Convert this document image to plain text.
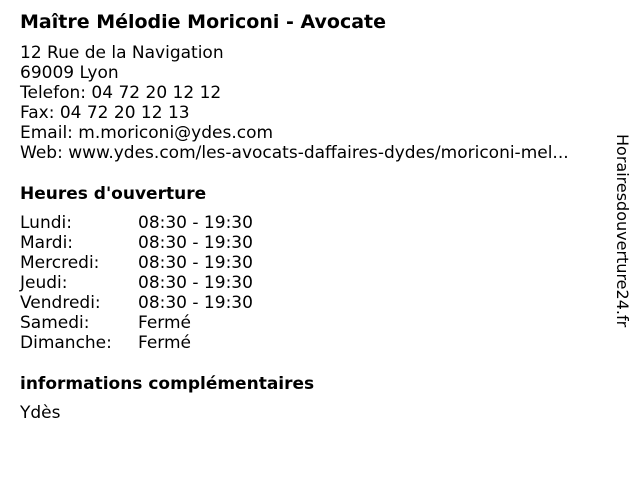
Maître Mélodie Moriconi - Avocate
12 Rue de la Navigation
69009 Lyon
Telefon: 04 72 20 12 12
Fax: 04 72 20 12 13
Email: m.moriconi@ydes.com
Web: www.ydes.com/les-avocats-daffaires-dydes/moriconi-mel...
Heures d'ouverture
Lundi:	08:30 - 19:30
Mardi:	08:30 - 19:30
Mercredi: 08:30 - 19:30
Jeudi:	08:30 - 19:30
Vendredi: 08:30 - 19:30
Samedi:	Fermé
Dimanche: Fermé
informations complémentaires
Ydès
Horairesdouverture24.fr
